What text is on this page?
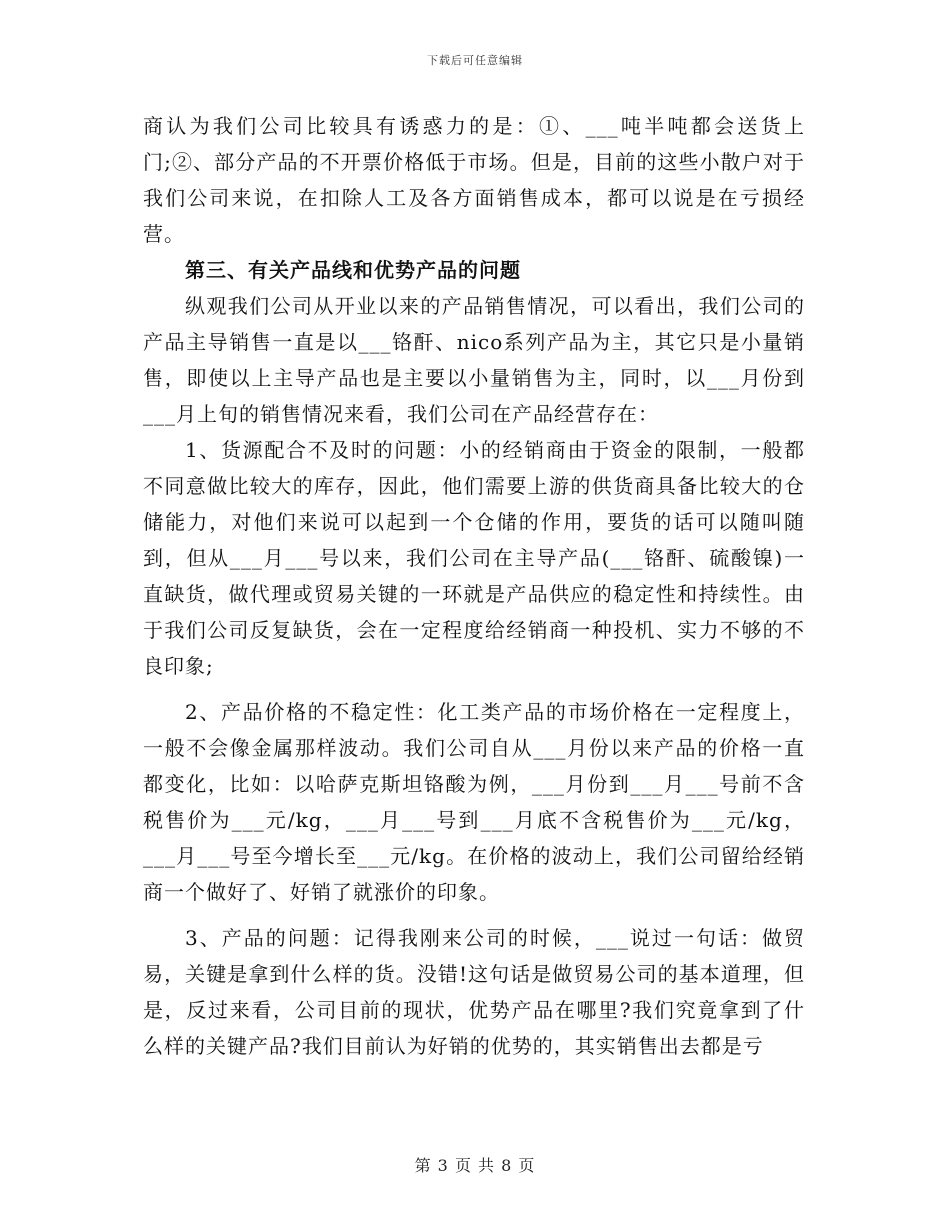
下载后可任意编辑

商认为我们公司比较具有诱惑力的是：①、___吨半吨都会送货上门;②、部分产品的不开票价格低于市场。但是，目前的这些小散户对于我们公司来说，在扣除人工及各方面销售成本，都可以说是在亏损经营。

第三、有关产品线和优势产品的问题

纵观我们公司从开业以来的产品销售情况，可以看出，我们公司的产品主导销售一直是以___铬酐、nico系列产品为主，其它只是小量销售，即使以上主导产品也是主要以小量销售为主，同时，以___月份到___月上旬的销售情况来看，我们公司在产品经营存在：

1、货源配合不及时的问题：小的经销商由于资金的限制，一般都不同意做比较大的库存，因此，他们需要上游的供货商具备比较大的仓储能力，对他们来说可以起到一个仓储的作用，要货的话可以随叫随到，但从___月___号以来，我们公司在主导产品(___铬酐、硫酸镍)一直缺货，做代理或贸易关键的一环就是产品供应的稳定性和持续性。由于我们公司反复缺货，会在一定程度给经销商一种投机、实力不够的不良印象;

2、产品价格的不稳定性：化工类产品的市场价格在一定程度上，一般不会像金属那样波动。我们公司自从___月份以来产品的价格一直都变化，比如：以哈萨克斯坦铬酸为例，___月份到___月___号前不含税售价为___元/kg，___月___号到___月底不含税售价为___元/kg，___月___号至今增长至___元/kg。在价格的波动上，我们公司留给经销商一个做好了、好销了就涨价的印象。

3、产品的问题：记得我刚来公司的时候，___说过一句话：做贸易，关键是拿到什么样的货。没错!这句话是做贸易公司的基本道理，但是，反过来看，公司目前的现状，优势产品在哪里?我们究竟拿到了什么样的关键产品?我们目前认为好销的优势的，其实销售出去都是亏

第 3 页 共 8 页
